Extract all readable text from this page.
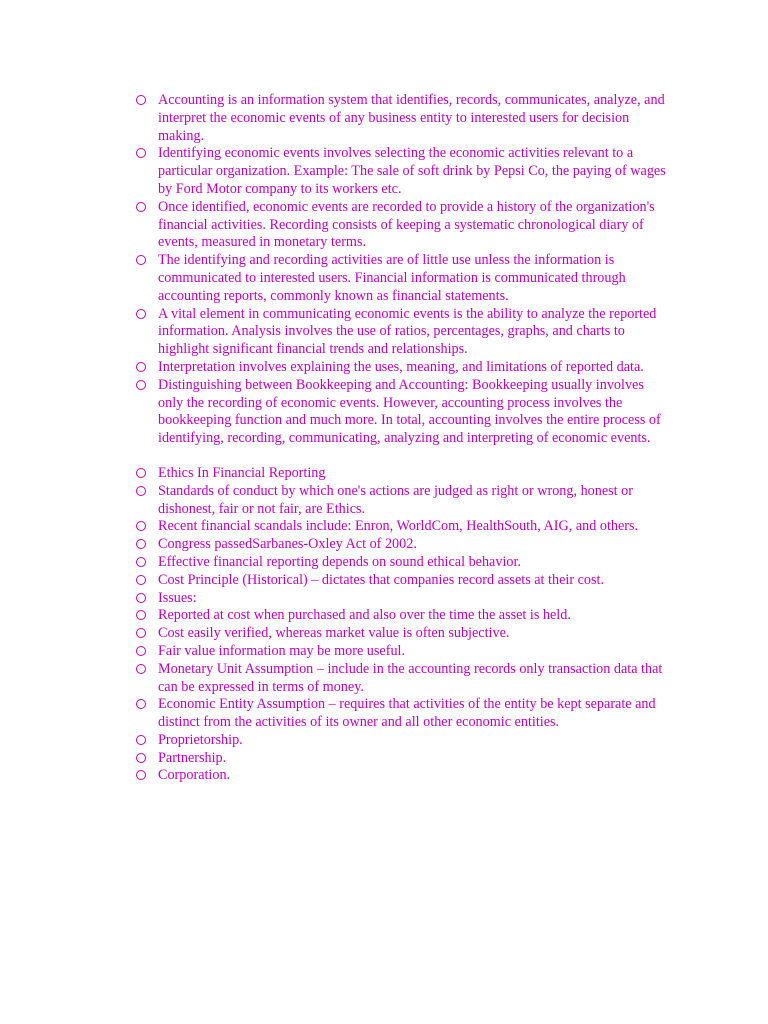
Accounting is an information system that identifies, records, communicates, analyze, and interpret the economic events of any business entity to interested users for decision making.
Identifying economic events involves selecting the economic activities relevant to a particular organization. Example: The sale of soft drink by Pepsi Co, the paying of wages by Ford Motor company to its workers etc.
Once identified, economic events are recorded to provide a history of the organization's financial activities. Recording consists of keeping a systematic chronological diary of events, measured in monetary terms.
The identifying and recording activities are of little use unless the information is communicated to interested users. Financial information is communicated through accounting reports, commonly known as financial statements.
A vital element in communicating economic events is the ability to analyze the reported information. Analysis involves the use of ratios, percentages, graphs, and charts to highlight significant financial trends and relationships.
Interpretation involves explaining the uses, meaning, and limitations of reported data.
Distinguishing between Bookkeeping and Accounting: Bookkeeping usually involves only the recording of economic events. However, accounting process involves the bookkeeping function and much more. In total, accounting involves the entire process of identifying, recording, communicating, analyzing and interpreting of economic events.
Ethics In Financial Reporting
Standards of conduct by which one's actions are judged as right or wrong, honest or dishonest, fair or not fair, are Ethics.
Recent financial scandals include: Enron, WorldCom, HealthSouth, AIG, and others.
Congress passedSarbanes-Oxley Act of 2002.
Effective financial reporting depends on sound ethical behavior.
Cost Principle (Historical) – dictates that companies record assets at their cost.
Issues:
Reported at cost when purchased and also over the time the asset is held.
Cost easily verified, whereas market value is often subjective.
Fair value information may be more useful.
Monetary Unit Assumption – include in the accounting records only transaction data that can be expressed in terms of money.
Economic Entity Assumption – requires that activities of the entity be kept separate and distinct from the activities of its owner and all other economic entities.
Proprietorship.
Partnership.
Corporation.
